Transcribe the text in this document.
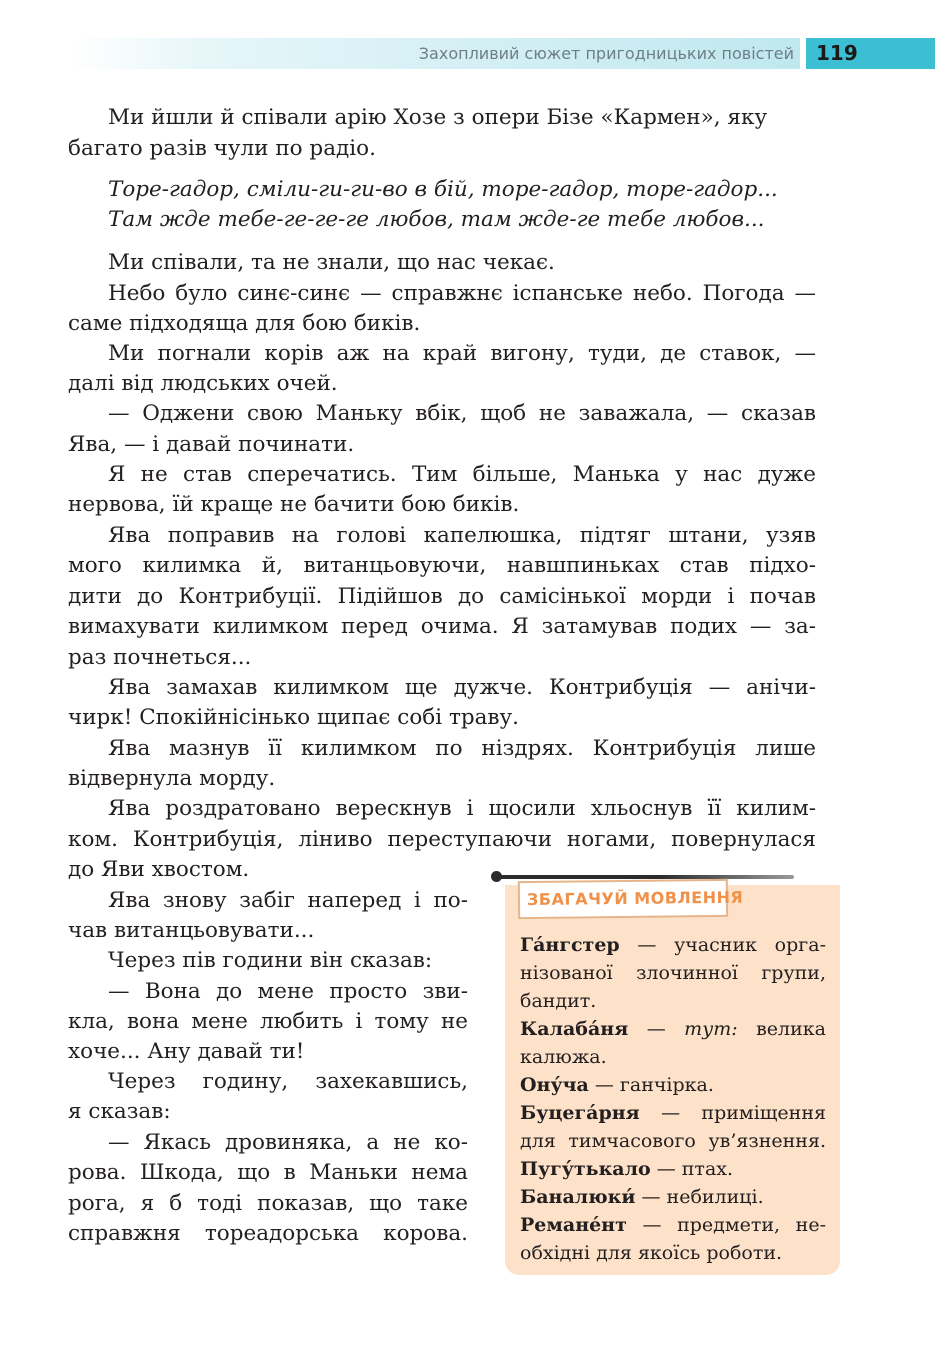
Захопливий сюжет пригодницьких повістей 119
Ми йшли й співали арію Хозе з опери Бізе «Кармен», яку
багато разів чули по радіо.
Торе-гадор, сміли-ги-ги-во в бій, торе-гадор, торе-гадор...
Там жде тебе-ге-ге-ге любов, там жде-ге тебе любов...
Ми співали, та не знали, що нас чекає.
Небо було синє-синє — справжнє іспанське небо. Погода —
саме підходяща для бою биків.
Ми погнали корів аж на край вигону, туди, де ставок, —
далі від людських очей.
— Оджени свою Маньку вбік, щоб не заважала, — сказав
Ява, — і давай починати.
Я не став сперечатись. Тим більше, Манька у нас дуже
нервова, їй краще не бачити бою биків.
Ява поправив на голові капелюшка, підтяг штани, узяв
мого килимка й, витанцьовуючи, навшпиньках став підхо-
дити до Контрибуції. Підійшов до самісінької морди і почав
вимахувати килимком перед очима. Я затамував подих — за-
раз почнеться...
Ява замахав килимком ще дужче. Контрибуція — анічи-
чирк! Спокійнісінько щипає собі траву.
Ява мазнув її килимком по ніздрях. Контрибуція лише
відвернула морду.
Ява роздратовано верескнув і щосили хльоснув її килим-
ком. Контрибуція, ліниво переступаючи ногами, повернулася
до Яви хвостом.
Ява знову забіг наперед і по-
чав витанцьовувати...
Через пів години він сказав:
— Вона до мене просто зви-
кла, вона мене любить і тому не
хоче... Ану давай ти!
Через годину, захекавшись,
я сказав:
— Якась дровиняка, а не ко-
рова. Шкода, що в Маньки нема
рога, я б тоді показав, що таке
справжня тореадорська корова.
ЗБАГАЧУЙ МОВЛЕННЯ
Га́нгстер — учасник орга-
нізованої злочинної групи,
бандит.
Калаба́ня — тут: велика
калюжа.
Ону́ча — ганчірка.
Буцега́рня — приміщення
для тимчасового ув’язнення.
Пугу́тькало — птах.
Баналюки́ — небилиці.
Ремане́нт — предмети, не-
обхідні для якоїсь роботи.
